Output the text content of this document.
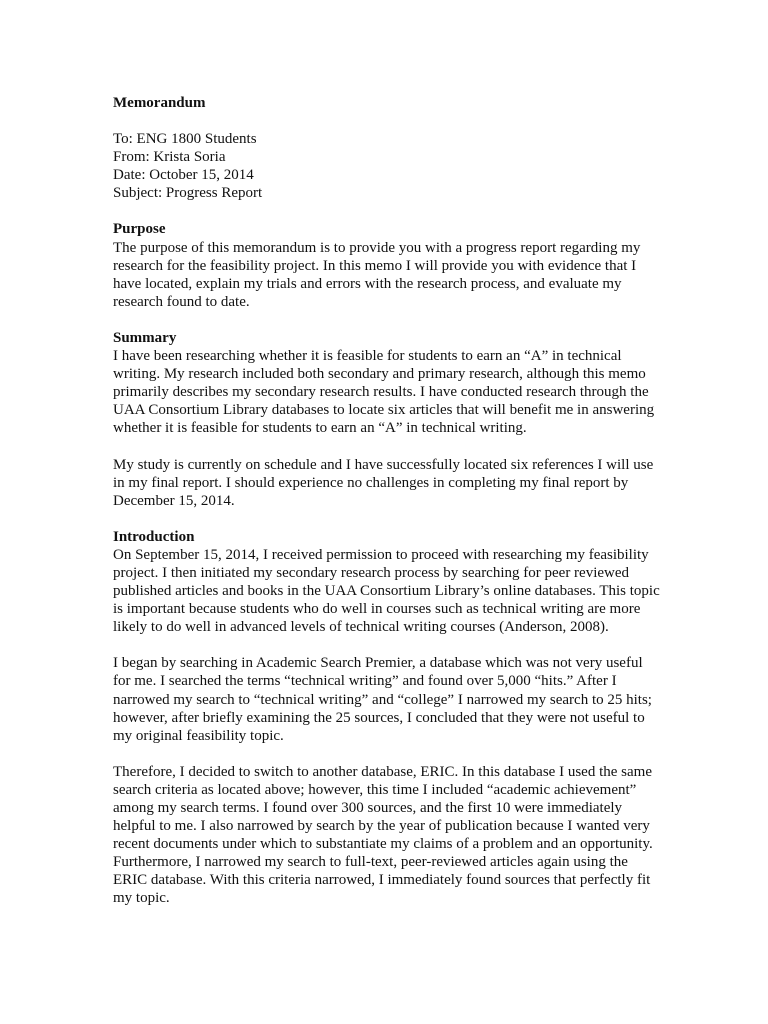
Memorandum

To: ENG 1800 Students
From: Krista Soria
Date: October 15, 2014
Subject: Progress Report

Purpose

The purpose of this memorandum is to provide you with a progress report regarding my research for the feasibility project. In this memo I will provide you with evidence that I have located, explain my trials and errors with the research process, and evaluate my research found to date.

Summary

I have been researching whether it is feasible for students to earn an “A” in technical writing. My research included both secondary and primary research, although this memo primarily describes my secondary research results. I have conducted research through the UAA Consortium Library databases to locate six articles that will benefit me in answering whether it is feasible for students to earn an “A” in technical writing.

My study is currently on schedule and I have successfully located six references I will use in my final report. I should experience no challenges in completing my final report by December 15, 2014.

Introduction

On September 15, 2014, I received permission to proceed with researching my feasibility project. I then initiated my secondary research process by searching for peer reviewed published articles and books in the UAA Consortium Library’s online databases. This topic is important because students who do well in courses such as technical writing are more likely to do well in advanced levels of technical writing courses (Anderson, 2008).

I began by searching in Academic Search Premier, a database which was not very useful for me. I searched the terms “technical writing” and found over 5,000 “hits.” After I narrowed my search to “technical writing” and “college” I narrowed my search to 25 hits; however, after briefly examining the 25 sources, I concluded that they were not useful to my original feasibility topic.

Therefore, I decided to switch to another database, ERIC. In this database I used the same search criteria as located above; however, this time I included “academic achievement” among my search terms. I found over 300 sources, and the first 10 were immediately helpful to me. I also narrowed by search by the year of publication because I wanted very recent documents under which to substantiate my claims of a problem and an opportunity. Furthermore, I narrowed my search to full-text, peer-reviewed articles again using the ERIC database. With this criteria narrowed, I immediately found sources that perfectly fit my topic.
